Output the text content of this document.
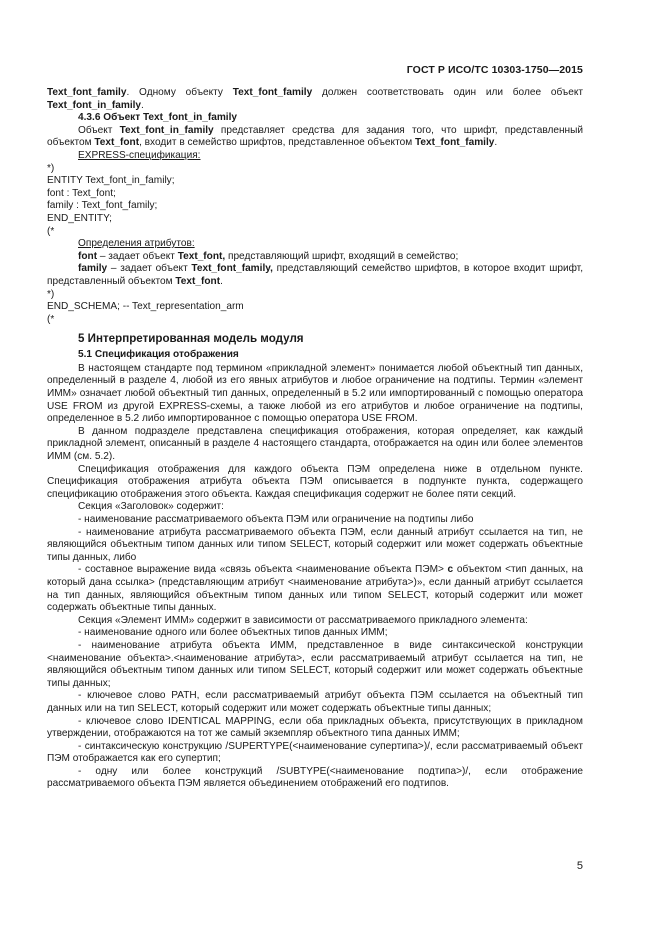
ГОСТ Р ИСО/ТС 10303-1750—2015

Text_font_family. Одному объекту Text_font_family должен соответствовать один или более объект Text_font_in_family.

4.3.6 Объект Text_font_in_family

Объект Text_font_in_family представляет средства для задания того, что шрифт, представленный объектом Text_font, входит в семейство шрифтов, представленное объектом Text_font_family.

EXPRESS-спецификация:

*)

ENTITY Text_font_in_family;

font : Text_font;

family : Text_font_family;

END_ENTITY;

(*

Определения атрибутов:

font – задает объект Text_font, представляющий шрифт, входящий в семейство;

family – задает объект Text_font_family, представляющий семейство шрифтов, в которое входит шрифт, представленный объектом Text_font.

*)

END_SCHEMA; -- Text_representation_arm

(*

5 Интерпретированная модель модуля

5.1 Спецификация отображения

В настоящем стандарте под термином «прикладной элемент» понимается любой объектный тип данных, определенный в разделе 4, любой из его явных атрибутов и любое ограничение на подтипы. Термин «элемент ИММ» означает любой объектный тип данных, определенный в 5.2 или импортированный с помощью оператора USE FROM из другой EXPRESS-схемы, а также любой из его атрибутов и любое ограничение на подтипы, определенное в 5.2 либо импортированное с помощью оператора USE FROM.

В данном подразделе представлена спецификация отображения, которая определяет, как каждый прикладной элемент, описанный в разделе 4 настоящего стандарта, отображается на один или более элементов ИММ (см. 5.2).

Спецификация отображения для каждого объекта ПЭМ определена ниже в отдельном пункте. Спецификация отображения атрибута объекта ПЭМ описывается в подпункте пункта, содержащего спецификацию отображения этого объекта. Каждая спецификация содержит не более пяти секций.

Секция «Заголовок» содержит:

- наименование рассматриваемого объекта ПЭМ или ограничение на подтипы либо

- наименование атрибута рассматриваемого объекта ПЭМ, если данный атрибут ссылается на тип, не являющийся объектным типом данных или типом SELECT, который содержит или может содержать объектные типы данных, либо

- составное выражение вида «связь объекта <наименование объекта ПЭМ> с объектом <тип данных, на который дана ссылка> (представляющим атрибут <наименование атрибута>)», если данный атрибут ссылается на тип данных, являющийся объектным типом данных или типом SELECT, который содержит или может содержать объектные типы данных.

Секция «Элемент ИММ» содержит в зависимости от рассматриваемого прикладного элемента:

- наименование одного или более объектных типов данных ИММ;

- наименование атрибута объекта ИММ, представленное в виде синтаксической конструкции <наименование объекта>.<наименование атрибута>, если рассматриваемый атрибут ссылается на тип, не являющийся объектным типом данных или типом SELECT, который содержит или может содержать объектные типы данных;

- ключевое слово PATH, если рассматриваемый атрибут объекта ПЭМ ссылается на объектный тип данных или на тип SELECT, который содержит или может содержать объектные типы данных;

- ключевое слово IDENTICAL MAPPING, если оба прикладных объекта, присутствующих в прикладном утверждении, отображаются на тот же самый экземпляр объектного типа данных ИММ;

- синтаксическую конструкцию /SUPERTYPE(<наименование супертипа>)/, если рассматриваемый объект ПЭМ отображается как его супертип;

- одну или более конструкций /SUBTYPE(<наименование подтипа>)/, если отображение рассматриваемого объекта ПЭМ является объединением отображений его подтипов.

5
